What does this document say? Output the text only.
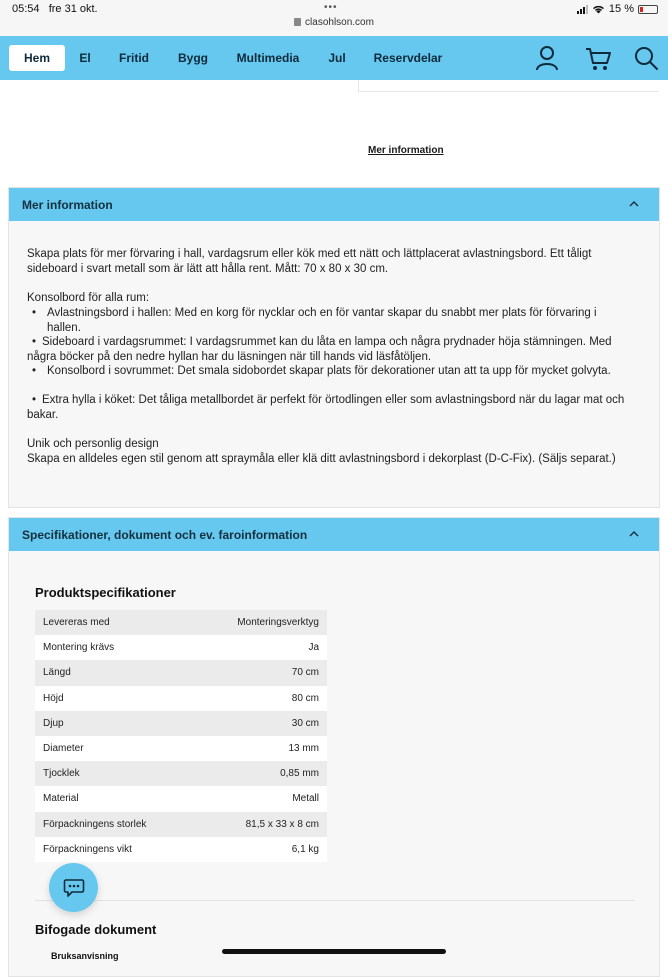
05:54 fre 31 okt.	•••
clasohlson.com
15 %
Hem	El	Fritid	Bygg	Multimedia	Jul	Reservdelar
Mer information
Mer information
Skapa plats för mer förvaring i hall, vardagsrum eller kök med ett nätt och lättplacerat avlastningsbord. Ett tåligt sideboard i svart metall som är lätt att hålla rent. Mått: 70 x 80 x 30 cm.
Konsolbord för alla rum:
• Avlastningsbord i hallen: Med en korg för nycklar och en för vantar skapar du snabbt mer plats för förvaring i hallen.
• Sideboard i vardagsrummet: I vardagsrummet kan du låta en lampa och några prydnader höja stämningen. Med några böcker på den nedre hyllan har du läsningen när till hands vid läsfåtöljen.
• Konsolbord i sovrummet: Det smala sidobordet skapar plats för dekorationer utan att ta upp för mycket golvyta.
• Extra hylla i köket: Det tåliga metallbordet är perfekt för örtodlingen eller som avlastningsbord när du lagar mat och bakar.
Unik och personlig design
Skapa en alldeles egen stil genom att spraymåla eller klä ditt avlastningsbord i dekorplast (D-C-Fix). (Säljs separat.)
Specifikationer, dokument och ev. faroinformation
Produktspecifikationer
Levereras med	Monteringsverktyg
Montering krävs	Ja
Längd	70 cm
Höjd	80 cm
Djup	30 cm
Diameter	13 mm
Tjocklek	0,85 mm
Material	Metall
Förpackningens storlek	81,5 x 33 x 8 cm
Förpackningens vikt	6,1 kg
Bifogade dokument
Bruksanvisning
